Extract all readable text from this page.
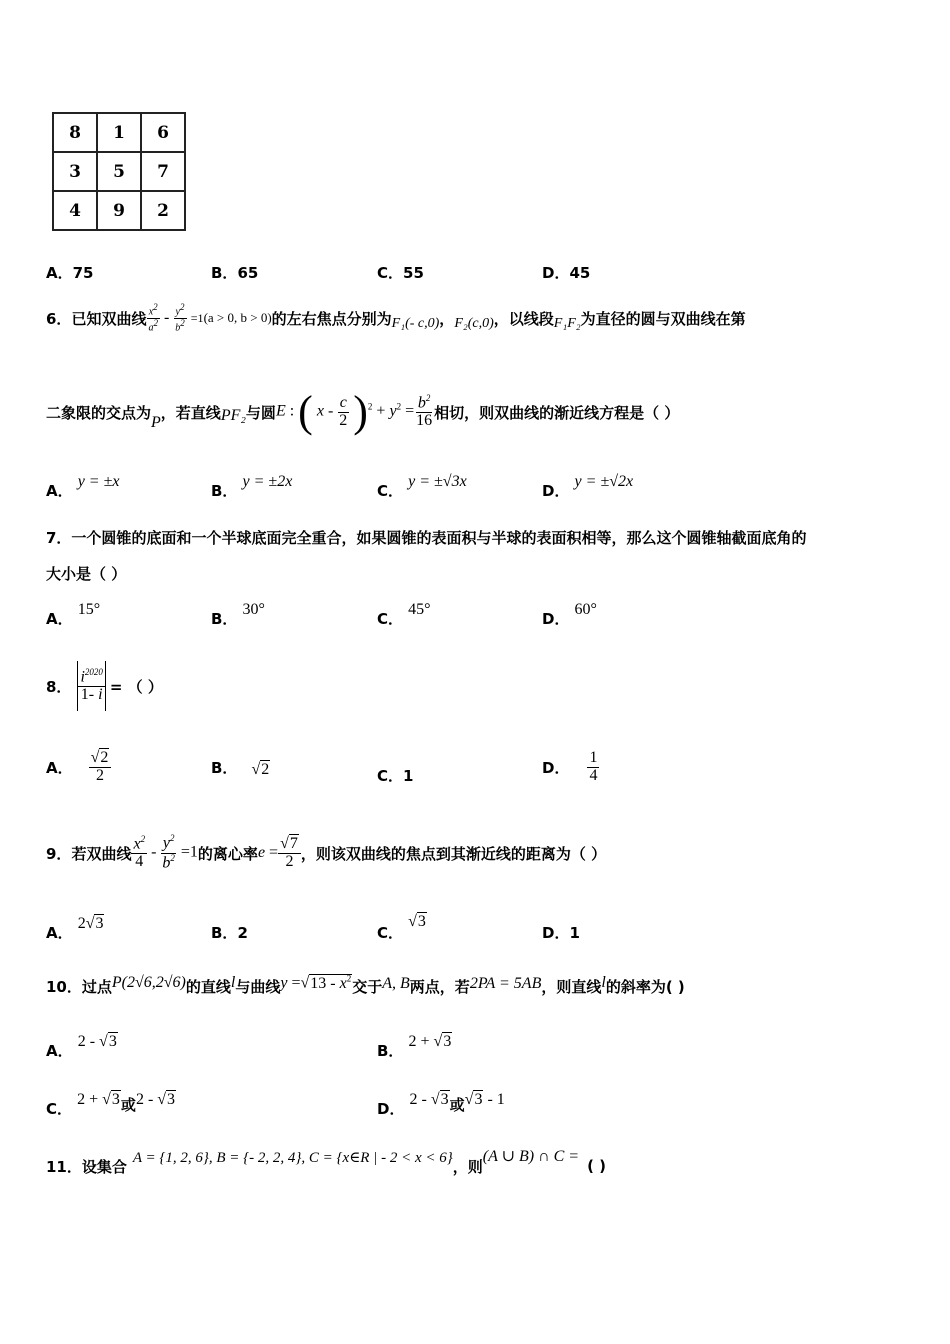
8	1	6
3	5	7
4	9	2
A．75	B．65	C．55	D．45
6． 已知双曲线 $\frac{x^2}{a^2} - \frac{y^2}{b^2} =1(a > 0$, b > 0) 的左右焦点分别为 F₁(- c,0) ， F₂(c,0) ，以线段 F₁F₂ 为直径的圆与双曲线在第
二象限的交点为
P
，若直线 PF₂ 与圆 E : ( $x - \frac{c}{2} )^2 + y^2 = \frac{b^2}{16}$ 相切，则双曲线的渐近线方程是（ ）
A． y = ±x
B． y = ±2x
C． y = ±√3x
D． y = ±√2x
7．一个圆锥的底面和一个半球底面完全重合，如果圆锥的表面积与半球的表面积相等，那么这个圆锥轴截面底角的
大小是（ ）
A． 15°
B． 30°
C． 45°
D． 60°
8． $\frac{i^{2020}}{1- i}$ = （ ）
A． $\frac{√2}{2}$	B． √2	C．1	D． $\frac{1}{4}$
9． 若双曲线 $\frac{x^2}{4} - \frac{y^2}{b^2} =1$ 的离心率 $e = \frac{√7}{2}$ ，则该双曲线的焦点到其渐近线的距离为（ ）
A． 2√3
B．2	C． √3
D．1
10． 过点 P(2√6,2√6) 的直线 l 与曲线 $y =√13 - x^2$ 交于 A, B 两点，若 2PA = 5AB ，则直线 l 的斜率为( )
A． 2 - √3
B． 2 + √3
C． 2 + √3或2 - √3
D． 2 - √3或√3 - 1
11．设集合 A = {1, 2, 6}, B = {- 2, 2, 4}, C = {x∈R | - 2 < x < 6} ，则
(A ∪ B) ∩ C =
( )
